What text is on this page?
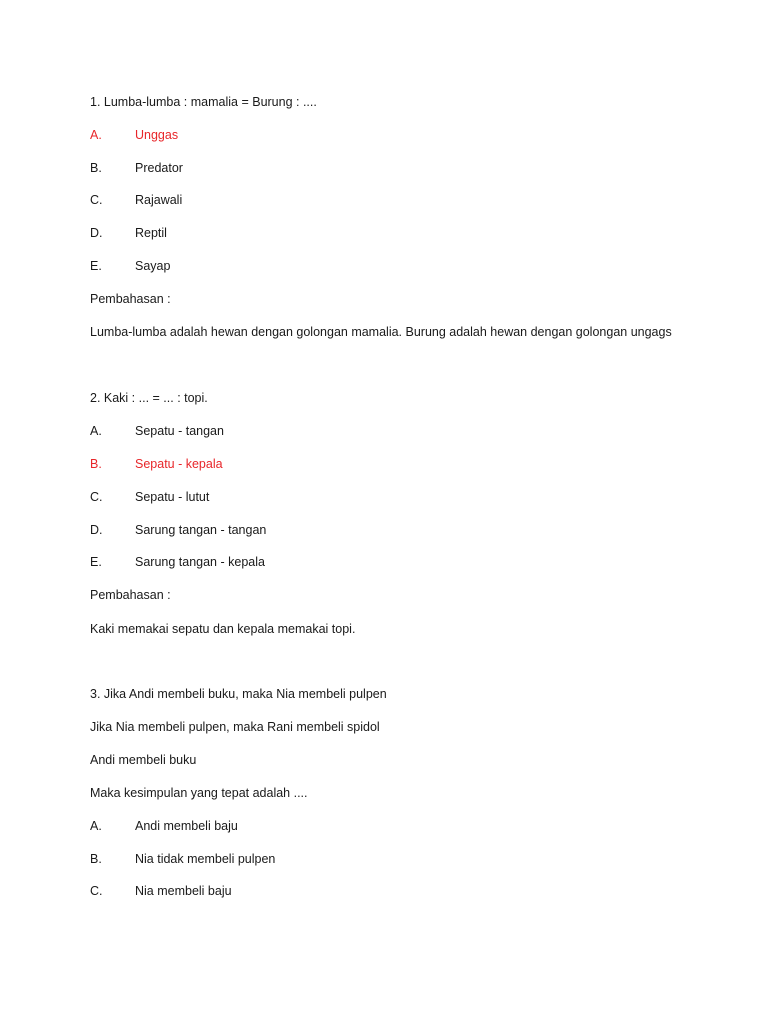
1. Lumba-lumba : mamalia = Burung : ....
A.	Unggas
B.	Predator
C.	Rajawali
D.	Reptil
E.	Sayap
Pembahasan :
Lumba-lumba adalah hewan dengan golongan mamalia. Burung adalah hewan dengan golongan ungags
2. Kaki : ... = ... : topi.
A.	Sepatu - tangan
B.	Sepatu - kepala
C.	Sepatu - lutut
D.	Sarung tangan - tangan
E.	Sarung tangan - kepala
Pembahasan :
Kaki memakai sepatu dan kepala memakai topi.
3. Jika Andi membeli buku, maka Nia membeli pulpen
Jika Nia membeli pulpen, maka Rani membeli spidol
Andi membeli buku
Maka kesimpulan yang tepat adalah ....
A.	Andi membeli baju
B.	Nia tidak membeli pulpen
C.	Nia membeli baju
